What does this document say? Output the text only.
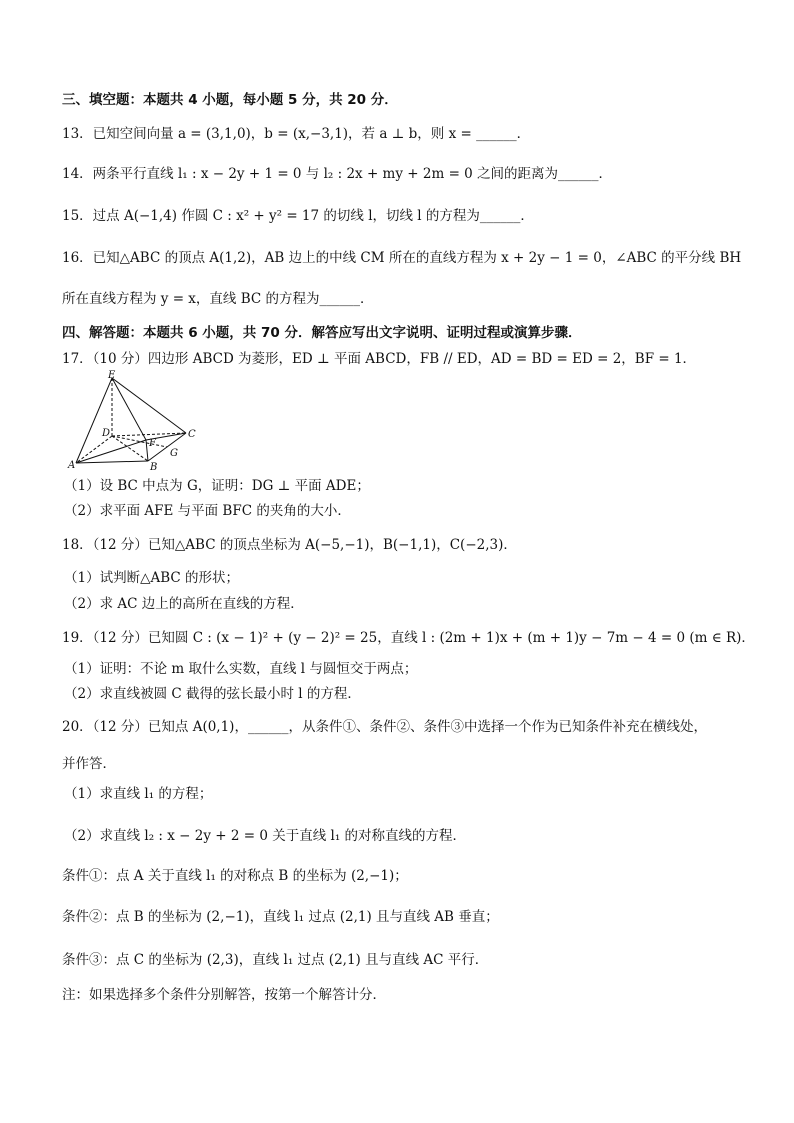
三、填空题：本题共 4 小题，每小题 5 分，共 20 分．
13．已知空间向量 a = (3,1,0)，b = (x,−3,1)，若 a ⊥ b，则 x = ______．
14．两条平行直线 l₁ : x − 2y + 1 = 0 与 l₂ : 2x + my + 2m = 0 之间的距离为______．
15．过点 A(−1,4) 作圆 C : x² + y² = 17 的切线 l，切线 l 的方程为______．
16．已知△ABC 的顶点 A(1,2)，AB 边上的中线 CM 所在的直线方程为 x + 2y − 1 = 0，∠ABC 的平分线 BH
所在直线方程为 y = x，直线 BC 的方程为______．
四、解答题：本题共 6 小题，共 70 分．解答应写出文字说明、证明过程或演算步骤．
17．（10 分）四边形 ABCD 为菱形，ED ⊥ 平面 ABCD，FB // ED，AD = BD = ED = 2，BF = 1．
E
D
F
C
A	B
G
（1）设 BC 中点为 G，证明：DG ⊥ 平面 ADE；
（2）求平面 AFE 与平面 BFC 的夹角的大小．
18．（12 分）已知△ABC 的顶点坐标为 A(−5,−1)，B(−1,1)，C(−2,3)．
（1）试判断△ABC 的形状；
（2）求 AC 边上的高所在直线的方程．
19．（12 分）已知圆 C : (x − 1)² + (y − 2)² = 25，直线 l : (2m + 1)x + (m + 1)y − 7m − 4 = 0 (m ∈ R)．
（1）证明：不论 m 取什么实数，直线 l 与圆恒交于两点；
（2）求直线被圆 C 截得的弦长最小时 l 的方程．
20．（12 分）已知点 A(0,1)，______，从条件①、条件②、条件③中选择一个作为已知条件补充在横线处，
并作答．
（1）求直线 l₁ 的方程；
（2）求直线 l₂ : x − 2y + 2 = 0 关于直线 l₁ 的对称直线的方程．
条件①：点 A 关于直线 l₁ 的对称点 B 的坐标为 (2,−1)；
条件②：点 B 的坐标为 (2,−1)，直线 l₁ 过点 (2,1) 且与直线 AB 垂直；
条件③：点 C 的坐标为 (2,3)，直线 l₁ 过点 (2,1) 且与直线 AC 平行．
注：如果选择多个条件分别解答，按第一个解答计分．
